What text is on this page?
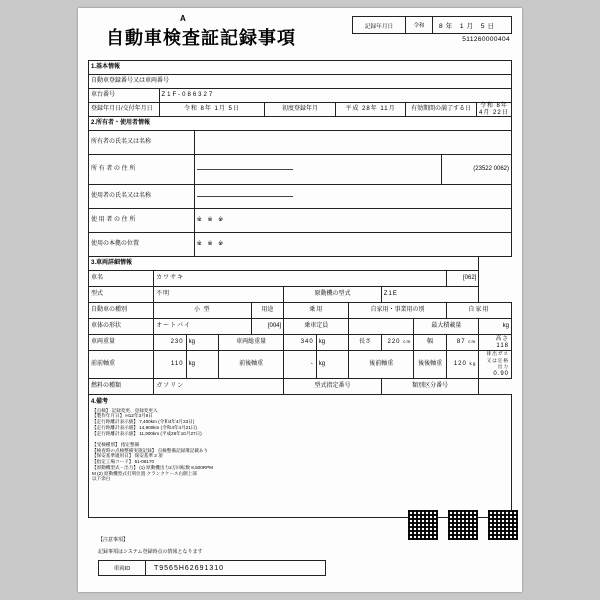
A
自動車検査証記録事項
記録年月日	令和	8年 1月 5日
511260000404
1.基本情報					
自動車登録番号又は車両番号					
車台番号	Z1F-086327				
登録年月日/交付年月日	令和 8年 1月 5日	初度登録年月	平成 28年 11月	有効期間の満了する日	令和 8年 4月 22日
2.所有者・使用者情報		
所有者の氏名又は名称		
所 有 者 の 住 所		(23522 0062)
使用者の氏名又は名称		
使 用 者 の 住 所	※ ※ ※	
使用の本拠の位置	※ ※ ※	
3.車両詳細情報											
車名	カワサキ									[062]	
型式	不明				原動機の型式			Z1E			
自動車の種別	小 型			用途	乗用		自家用・事業用の別			自家用	
車体の形状	オートバイ			[004]	乗車定員				最大積載量		kg
車両重量	230	kg	車両総重量		340	kg	長さ	220 cm	幅	87 cm	高さ 118
前前軸重	110	kg	前後軸重		-	kg	後前軸重		後後軸重	120 kg	排出ガス又は定格出力 0.90
燃料の種類	ガソリン				型式指定番号			類別区分番号			
4.備考
【点検】 記録変更、登録変更入
【製作年月日】 H12年3月8日
【走行距離計表示値】 7,400km (令和4年4月23日)
【走行距離計表示値】 14,900km (令和4年4月21日)
【走行距離計表示値】 11,900km (平成28年10月27日)

【受検種別】 指定整備
【検査時の点検整備実施記録】 点検整備記録簿記載あり
【保安基準適用日】 保安基準 2 項
【指定工場コード】 51-08170
【原動機型式・出力】 (1) 原動機出力2万回転数 8,500RPM
M (2) 原動機型式打刻位置 クランクケース右側上部
以下余白
【注意事項】
記録事項はシステム登録時点の情報となります
車両ID	T9565H62691310
